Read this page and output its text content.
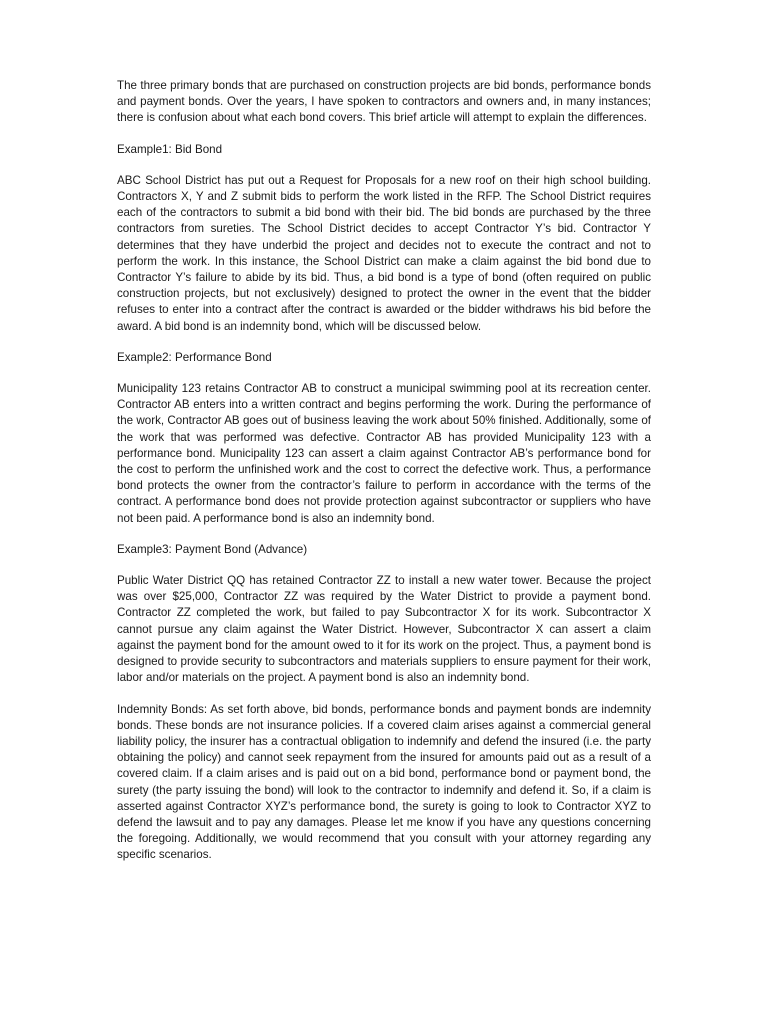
The three primary bonds that are purchased on construction projects are bid bonds, performance bonds and payment bonds. Over the years, I have spoken to contractors and owners and, in many instances; there is confusion about what each bond covers. This brief article will attempt to explain the differences.

Example1: Bid Bond

ABC School District has put out a Request for Proposals for a new roof on their high school building. Contractors X, Y and Z submit bids to perform the work listed in the RFP. The School District requires each of the contractors to submit a bid bond with their bid. The bid bonds are purchased by the three contractors from sureties. The School District decides to accept Contractor Y’s bid. Contractor Y determines that they have underbid the project and decides not to execute the contract and not to perform the work. In this instance, the School District can make a claim against the bid bond due to Contractor Y’s failure to abide by its bid. Thus, a bid bond is a type of bond (often required on public construction projects, but not exclusively) designed to protect the owner in the event that the bidder refuses to enter into a contract after the contract is awarded or the bidder withdraws his bid before the award. A bid bond is an indemnity bond, which will be discussed below.

Example2: Performance Bond

Municipality 123 retains Contractor AB to construct a municipal swimming pool at its recreation center. Contractor AB enters into a written contract and begins performing the work. During the performance of the work, Contractor AB goes out of business leaving the work about 50% finished. Additionally, some of the work that was performed was defective. Contractor AB has provided Municipality 123 with a performance bond. Municipality 123 can assert a claim against Contractor AB’s performance bond for the cost to perform the unfinished work and the cost to correct the defective work. Thus, a performance bond protects the owner from the contractor’s failure to perform in accordance with the terms of the contract. A performance bond does not provide protection against subcontractor or suppliers who have not been paid. A performance bond is also an indemnity bond.

Example3: Payment Bond (Advance)

Public Water District QQ has retained Contractor ZZ to install a new water tower. Because the project was over $25,000, Contractor ZZ was required by the Water District to provide a payment bond. Contractor ZZ completed the work, but failed to pay Subcontractor X for its work. Subcontractor X cannot pursue any claim against the Water District. However, Subcontractor X can assert a claim against the payment bond for the amount owed to it for its work on the project. Thus, a payment bond is designed to provide security to subcontractors and materials suppliers to ensure payment for their work, labor and/or materials on the project. A payment bond is also an indemnity bond.

Indemnity Bonds: As set forth above, bid bonds, performance bonds and payment bonds are indemnity bonds. These bonds are not insurance policies. If a covered claim arises against a commercial general liability policy, the insurer has a contractual obligation to indemnify and defend the insured (i.e. the party obtaining the policy) and cannot seek repayment from the insured for amounts paid out as a result of a covered claim. If a claim arises and is paid out on a bid bond, performance bond or payment bond, the surety (the party issuing the bond) will look to the contractor to indemnify and defend it. So, if a claim is asserted against Contractor XYZ’s performance bond, the surety is going to look to Contractor XYZ to defend the lawsuit and to pay any damages. Please let me know if you have any questions concerning the foregoing. Additionally, we would recommend that you consult with your attorney regarding any specific scenarios.
